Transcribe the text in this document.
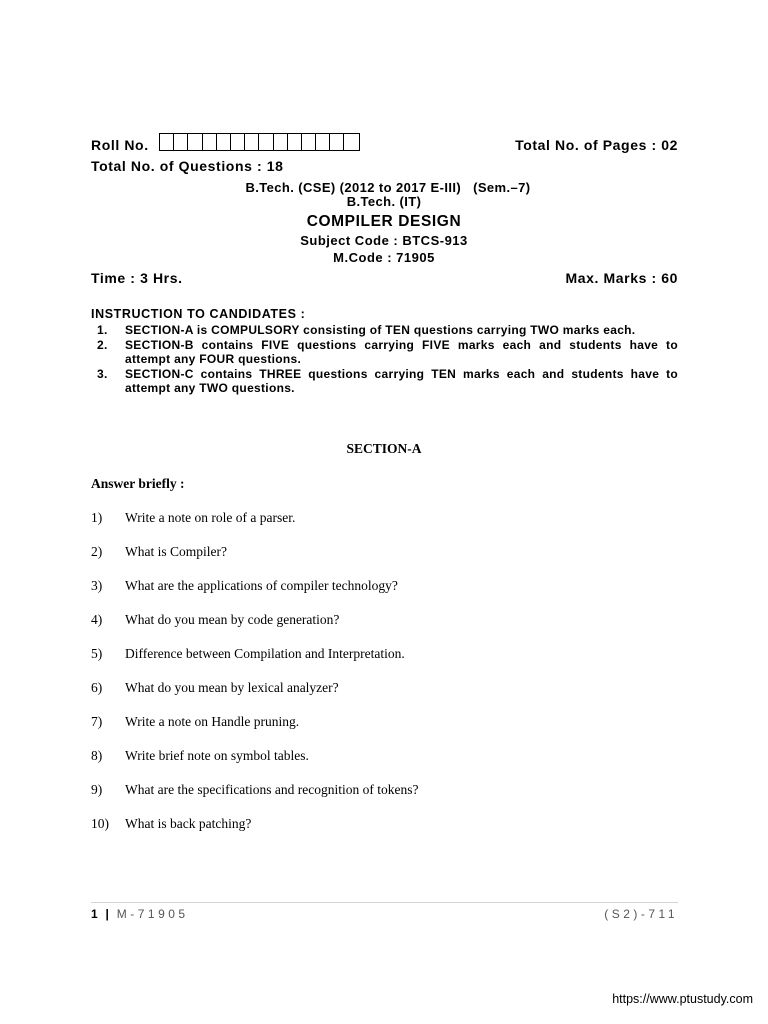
Roll No.	Total No. of Pages : 02
Total No. of Questions : 18
B.Tech. (CSE) (2012 to 2017 E-III)   (Sem.–7)
B.Tech. (IT)
COMPILER DESIGN
Subject Code : BTCS-913
M.Code : 71905
Time : 3 Hrs.	Max. Marks : 60
INSTRUCTION TO CANDIDATES :
1.	SECTION-A is COMPULSORY consisting of TEN questions carrying TWO marks each.
2.	SECTION-B contains FIVE questions carrying FIVE marks each and students have to attempt any FOUR questions.
3.	SECTION-C contains THREE questions carrying TEN marks each and students have to attempt any TWO questions.
SECTION-A
Answer briefly :
1)	Write a note on role of a parser.
2)	What is Compiler?
3)	What are the applications of compiler technology?
4)	What do you mean by code generation?
5)	Difference between Compilation and Interpretation.
6)	What do you mean by lexical analyzer?
7)	Write a note on Handle pruning.
8)	Write brief note on symbol tables.
9)	What are the specifications and recognition of tokens?
10)	What is back patching?
1 | M-71905	(S2)-711
https://www.ptustudy.com
